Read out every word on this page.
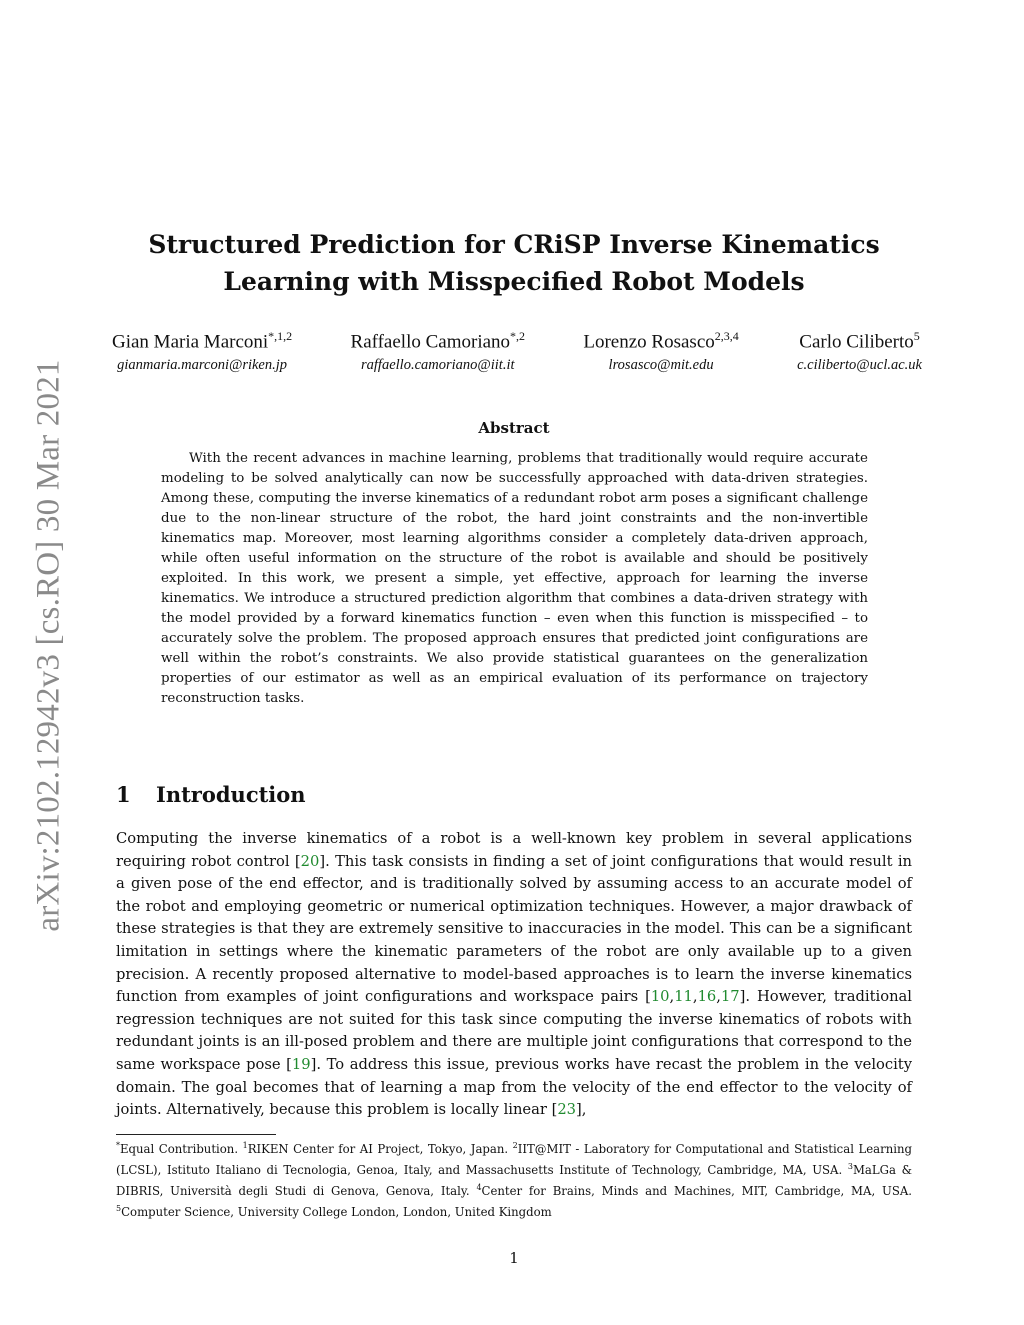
arXiv:2102.12942v3 [cs.RO] 30 Mar 2021
Structured Prediction for CRiSP Inverse Kinematics
Learning with Misspecified Robot Models
Gian Maria Marconi$^{*,1,2}$
gianmaria.marconi@riken.jp
Raffaello Camoriano$^{*,2}$
raffaello.camoriano@iit.it
Lorenzo Rosasco$^{2,3,4}$
lrosasco@mit.edu
Carlo Ciliberto$^5$
c.ciliberto@ucl.ac.uk
Abstract

With the recent advances in machine learning, problems that traditionally would require accurate modeling to be solved analytically can now be successfully approached with data-driven strategies. Among these, computing the inverse kinematics of a redundant robot arm poses a significant challenge due to the non-linear structure of the robot, the hard joint constraints and the non-invertible kinematics map. Moreover, most learning algorithms consider a completely data-driven approach, while often useful information on the structure of the robot is available and should be positively exploited. In this work, we present a simple, yet effective, approach for learning the inverse kinematics. We introduce a structured prediction algorithm that combines a data-driven strategy with the model provided by a forward kinematics function – even when this function is misspecified – to accurately solve the problem. The proposed approach ensures that predicted joint configurations are well within the robot’s constraints. We also provide statistical guarantees on the generalization properties of our estimator as well as an empirical evaluation of its performance on trajectory reconstruction tasks.

1 Introduction

Computing the inverse kinematics of a robot is a well-known key problem in several applications requiring robot control [20]. This task consists in finding a set of joint configurations that would result in a given pose of the end effector, and is traditionally solved by assuming access to an accurate model of the robot and employing geometric or numerical optimization techniques. However, a major drawback of these strategies is that they are extremely sensitive to inaccuracies in the model. This can be a significant limitation in settings where the kinematic parameters of the robot are only available up to a given precision. A recently proposed alternative to model-based approaches is to learn the inverse kinematics function from examples of joint configurations and workspace pairs [10,11,16,17]. However, traditional regression techniques are not suited for this task since computing the inverse kinematics of robots with redundant joints is an ill-posed problem and there are multiple joint configurations that correspond to the same workspace pose [19]. To address this issue, previous works have recast the problem in the velocity domain. The goal becomes that of learning a map from the velocity of the end effector to the velocity of joints. Alternatively, because this problem is locally linear [23],

*Equal Contribution. $^1$RIKEN Center for AI Project, Tokyo, Japan. $^2$IIT@MIT - Laboratory for Computational and Statistical Learning (LCSL), Istituto Italiano di Tecnologia, Genoa, Italy, and Massachusetts Institute of Technology, Cambridge, MA, USA. $^3$MaLGa & DIBRIS, Università degli Studi di Genova, Genova, Italy. $^4$Center for Brains, Minds and Machines, MIT, Cambridge, MA, USA. $^5$Computer Science, University College London, London, United Kingdom

1
